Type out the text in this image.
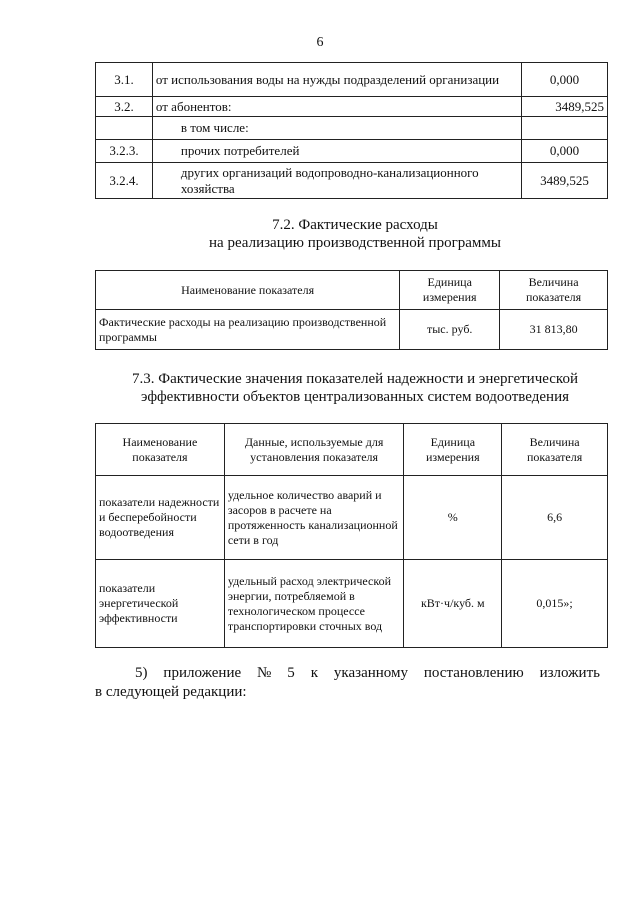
6
3.1.	от использования воды на нужды подразделений организации	0,000
3.2.	от абонентов:	3489,525
	в том числе:	
3.2.3.	прочих потребителей	0,000
3.2.4.	других организаций водопроводно-канализационного хозяйства	3489,525
7.2. Фактические расходы
на реализацию производственной программы
Наименование показателя	Единица измерения	Величина показателя
Фактические расходы на реализацию производственной программы	тыс. руб.	31 813,80
7.3. Фактические значения показателей надежности и энергетической
эффективности объектов централизованных систем водоотведения
Наименование показателя	Данные, используемые для установления показателя	Единица измерения	Величина показателя
показатели надежности и бесперебойности водоотведения	удельное количество аварий и засоров в расчете на протяженность канализационной сети в год	%	6,6
показатели энергетической эффективности	удельный расход электрической энергии, потребляемой в технологическом процессе транспортировки сточных вод	кВт·ч/куб. м	0,015»;
5) приложение № 5 к указанному постановлению изложить
в следующей редакции:
